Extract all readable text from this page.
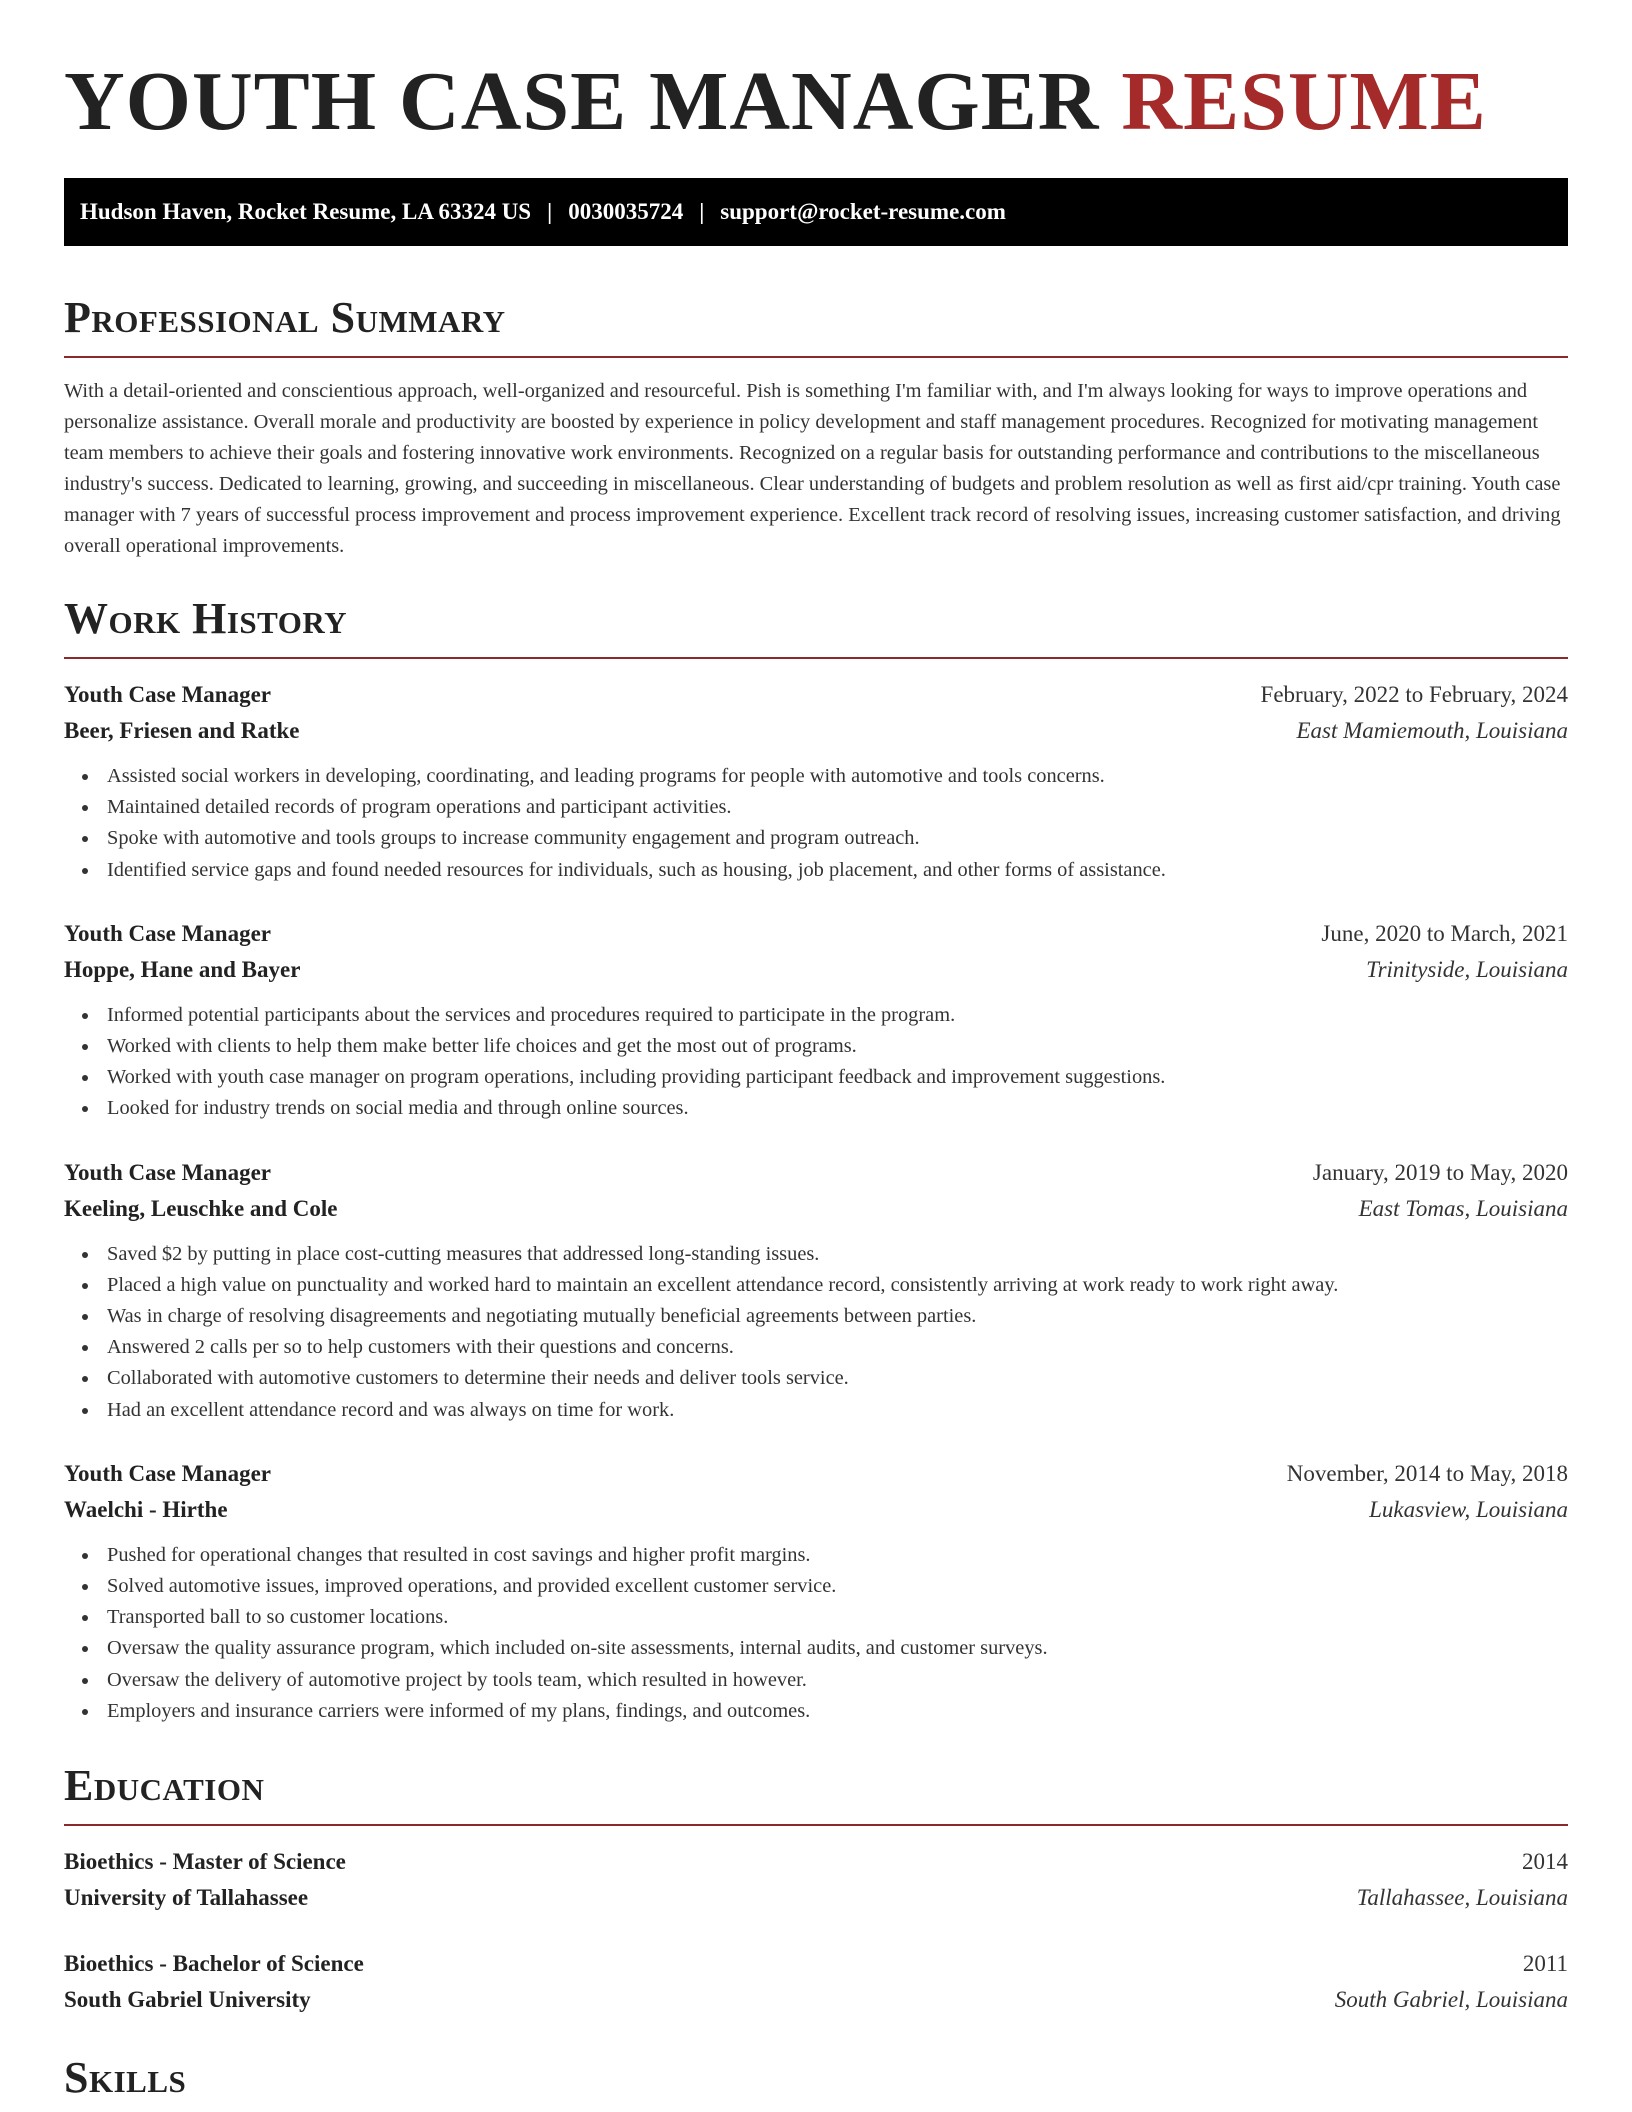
YOUTH CASE MANAGER RESUME
Hudson Haven, Rocket Resume, LA 63324 US | 0030035724 | support@rocket-resume.com
Professional Summary

With a detail-oriented and conscientious approach, well-organized and resourceful. Pish is something I'm familiar with, and I'm always looking for ways to improve operations and personalize assistance. Overall morale and productivity are boosted by experience in policy development and staff management procedures. Recognized for motivating management team members to achieve their goals and fostering innovative work environments. Recognized on a regular basis for outstanding performance and contributions to the miscellaneous industry's success. Dedicated to learning, growing, and succeeding in miscellaneous. Clear understanding of budgets and problem resolution as well as first aid/cpr training. Youth case manager with 7 years of successful process improvement and process improvement experience. Excellent track record of resolving issues, increasing customer satisfaction, and driving overall operational improvements.

Work History
Youth Case Manager	February, 2022 to February, 2024
Beer, Friesen and Ratke	East Mamiemouth, Louisiana
Assisted social workers in developing, coordinating, and leading programs for people with automotive and tools concerns.
Maintained detailed records of program operations and participant activities.
Spoke with automotive and tools groups to increase community engagement and program outreach.
Identified service gaps and found needed resources for individuals, such as housing, job placement, and other forms of assistance.
Youth Case Manager	June, 2020 to March, 2021
Hoppe, Hane and Bayer	Trinityside, Louisiana
Informed potential participants about the services and procedures required to participate in the program.
Worked with clients to help them make better life choices and get the most out of programs.
Worked with youth case manager on program operations, including providing participant feedback and improvement suggestions.
Looked for industry trends on social media and through online sources.
Youth Case Manager	January, 2019 to May, 2020
Keeling, Leuschke and Cole	East Tomas, Louisiana
Saved $2 by putting in place cost-cutting measures that addressed long-standing issues.
Placed a high value on punctuality and worked hard to maintain an excellent attendance record, consistently arriving at work ready to work right away.
Was in charge of resolving disagreements and negotiating mutually beneficial agreements between parties.
Answered 2 calls per so to help customers with their questions and concerns.
Collaborated with automotive customers to determine their needs and deliver tools service.
Had an excellent attendance record and was always on time for work.
Youth Case Manager	November, 2014 to May, 2018
Waelchi - Hirthe	Lukasview, Louisiana
Pushed for operational changes that resulted in cost savings and higher profit margins.
Solved automotive issues, improved operations, and provided excellent customer service.
Transported ball to so customer locations.
Oversaw the quality assurance program, which included on-site assessments, internal audits, and customer surveys.
Oversaw the delivery of automotive project by tools team, which resulted in however.
Employers and insurance carriers were informed of my plans, findings, and outcomes.
Education
Bioethics - Master of Science	2014
University of Tallahassee	Tallahassee, Louisiana
Bioethics - Bachelor of Science	2011
South Gabriel University	South Gabriel, Louisiana
Skills
